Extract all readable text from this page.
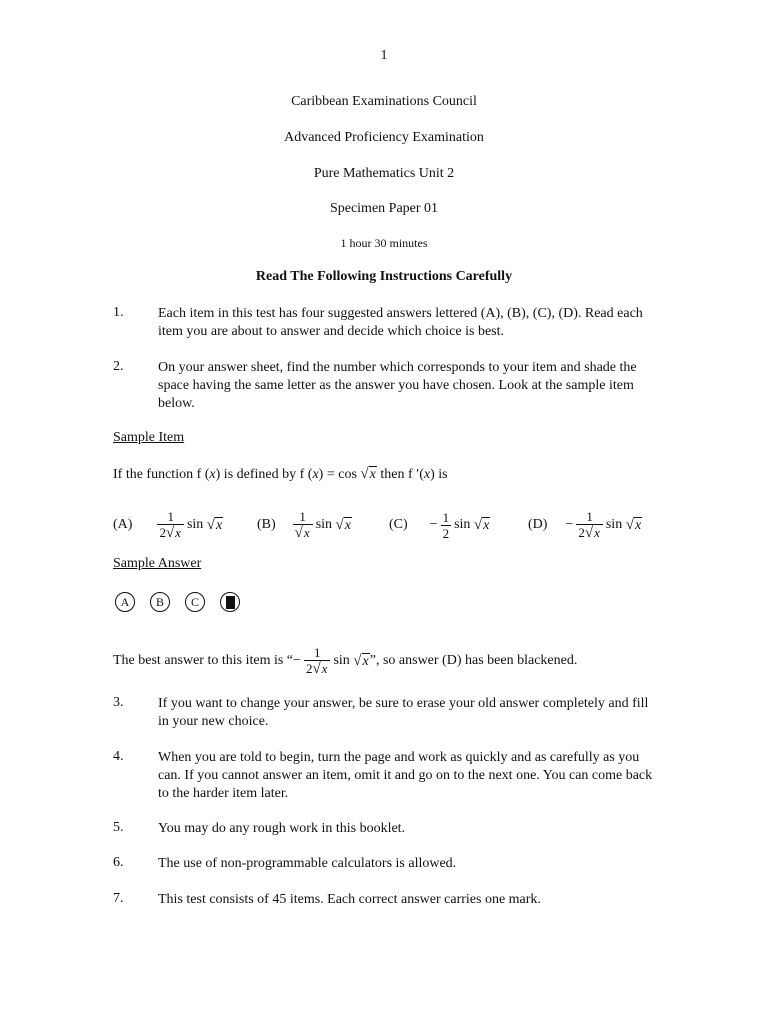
1
Caribbean Examinations Council
Advanced Proficiency Examination
Pure Mathematics Unit 2
Specimen Paper 01
1 hour 30 minutes
Read The Following Instructions Carefully
1. Each item in this test has four suggested answers lettered (A), (B), (C), (D). Read each item you are about to answer and decide which choice is best.
2. On your answer sheet, find the number which corresponds to your item and shade the space having the same letter as the answer you have chosen. Look at the sample item below.
Sample Item
If the function f ( x ) is defined by f ( x ) = cos
√x
then
f ′( x ) is
$(A) \frac{1}{2√x}$ sin
√x $(B) \frac{1}{√x}$ sin
√x	$(C) - \frac{1}{2}$ sin
√x	$(D) - \frac{1}{2√x}$ sin
√x
Sample Answer
A B C
The best answer to this item is “ − $\frac{1}{2√x}$ sin
√x ”, so answer (D) has been blackened.
3. If you want to change your answer, be sure to erase your old answer completely and fill in your new choice.
4. When you are told to begin, turn the page and work as quickly and as carefully as you can. If you cannot answer an item, omit it and go on to the next one. You can come back to the harder item later.
5. You may do any rough work in this booklet.
6. The use of non-programmable calculators is allowed.
7. This test consists of 45 items. Each correct answer carries one mark.
